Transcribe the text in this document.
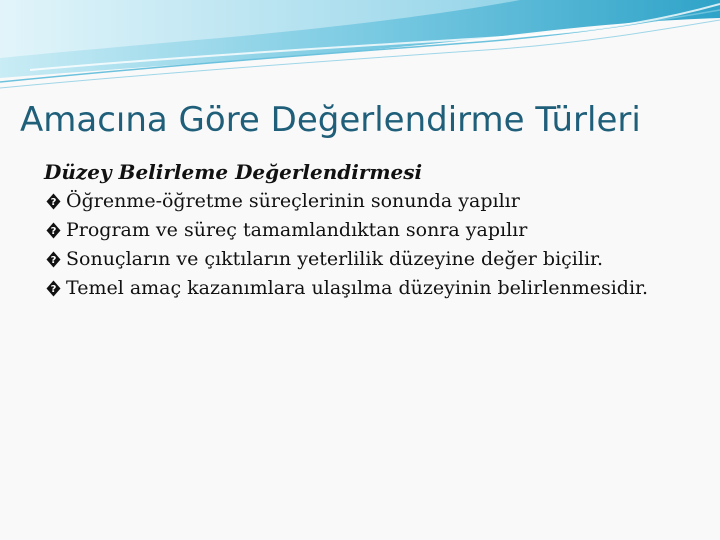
Amacına Göre Değerlendirme Türleri

Düzey Belirleme Değerlendirmesi

? Öğrenme-öğretme süreçlerinin sonunda yapılır
? Program ve süreç tamamlandıktan sonra yapılır
? Sonuçların ve çıktıların yeterlilik düzeyine değer biçilir.
? Temel amaç kazanımlara ulaşılma düzeyinin belirlenmesidir.
